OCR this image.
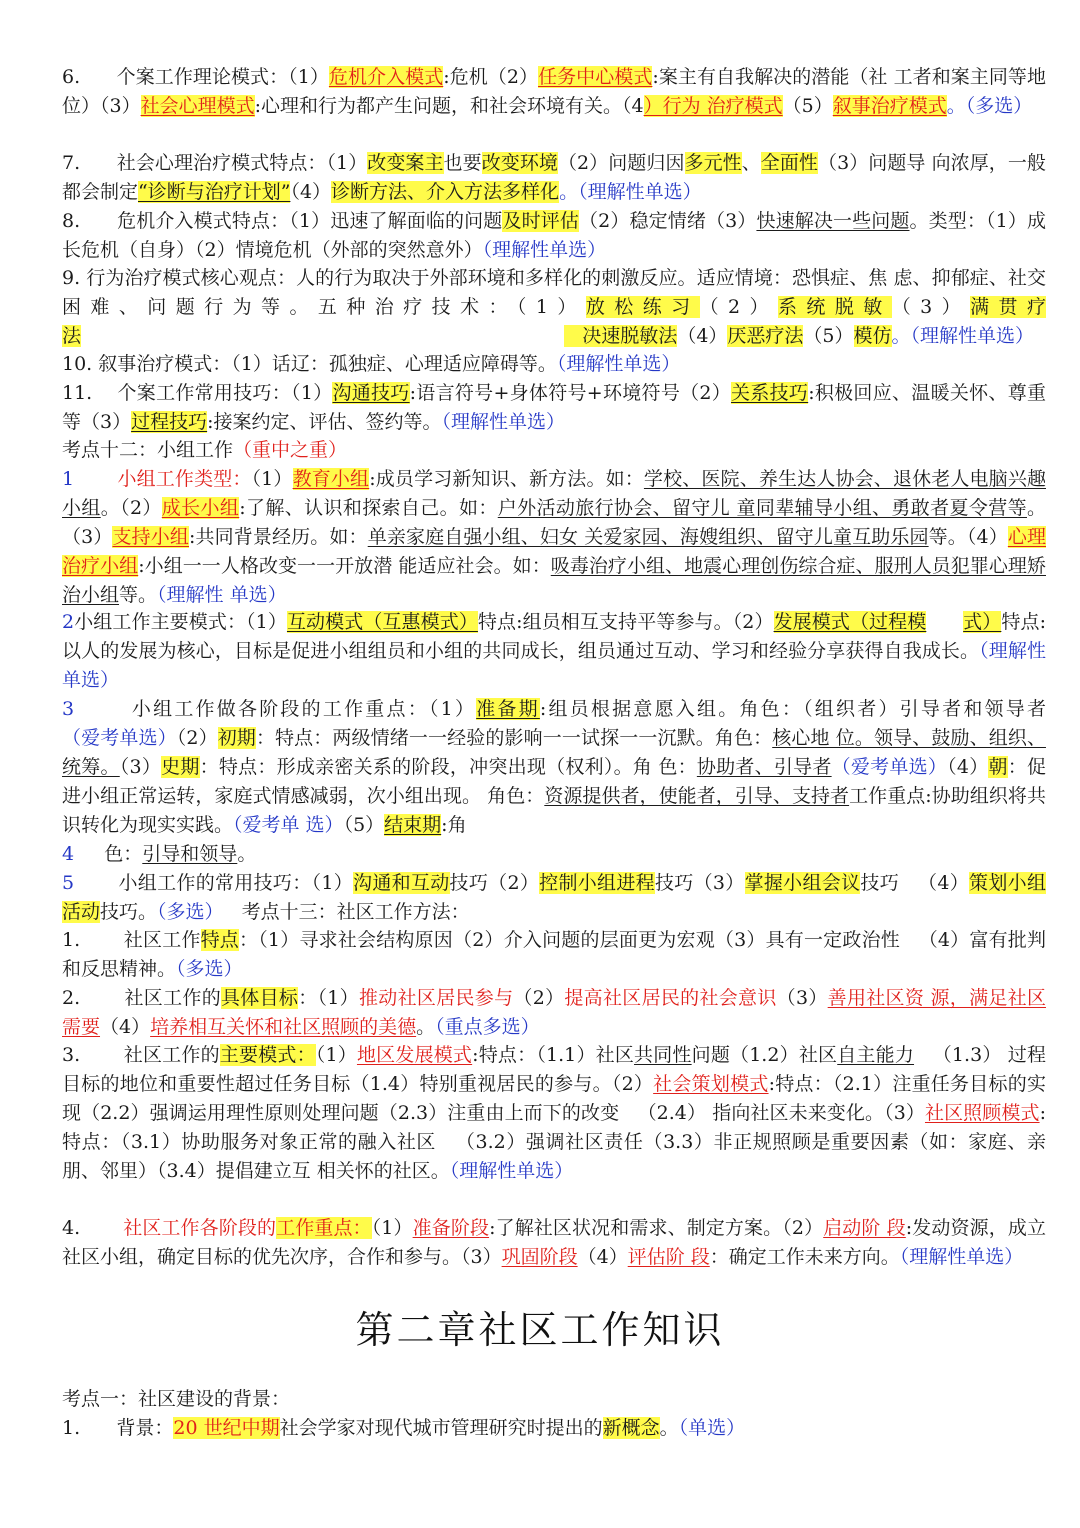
6.      个案工作理论模式：（1）危机介入模式:危机（2）任务中心模式:案主有自我解决的潜能（社 工者和案主同等地位）（3）社会心理模式:心理和行为都产生问题，和社会环境有关。（4）行为 治疗模式（5）叙事治疗模式。（多选）
7.      社会心理治疗模式特点：（1）改变案主也要改变环境（2）问题归因多元性、全面性（3）问题导 向浓厚，一般都会制定“诊断与治疗计划”（4）诊断方法、介入方法多样化。（理解性单选）
8.      危机介入模式特点：（1）迅速了解面临的问题及时评估（2）稳定情绪（3）快速解决一些问题。类型：（1）成长危机（自身）（2）情境危机（外部的突然意外）（理解性单选）
9. 行为治疗模式核心观点：人的行为取决于外部环境和多样化的刺激反应。适应情境：恐惧症、焦 虑、抑郁症、社交困难、问题行为等。五种治疗技术：（1）放松练习（2）系统脱敏（3）满贯疗法	决速脱敏法（4）厌恶疗法（5）模仿。（理解性单选）
10. 叙事治疗模式：（1）话辽：孤独症、心理适应障碍等。（理解性单选）
11.    个案工作常用技巧：（1）沟通技巧:语言符号+身体符号+环境符号（2）关系技巧:积极回应、温暖关怀、尊重等（3）过程技巧:接案约定、评估、签约等。（理解性单选）
考点十二：小组工作（重中之重）
1 小组工作类型：（1）教育小组:成员学习新知识、新方法。如：学校、医院、养生达人协会、退休老人电脑兴趣小组。（2）成长小组:了解、认识和探索自己。如：户外活动旅行协会、留守儿 童同辈辅导小组、勇敢者夏令营等。（3）支持小组:共同背景经历。如：单亲家庭自强小组、妇女 关爱家园、海嫂组织、留守儿童互助乐园等。（4）心理治疗小组:小组一一人格改变一一开放潜 能适应社会。如：吸毒治疗小组、地震心理创伤综合症、服刑人员犯罪心理矫治小组等。（理解性 单选）
2小组工作主要模式：（1）互动模式（互惠模式）特点:组员相互支持平等参与。（2）发展模式（过程模 式）特点:以人的发展为核心，目标是促进小组组员和小组的共同成长，组员通过互动、学习和经验分享获得自我成长。（理解性单选）
3       小组工作做各阶段的工作重点：（1）准备期:组员根据意愿入组。角色：（组织者）引导者和领导者（爱考单选）（2）初期：特点：两级情绪一一经验的影响一一试探一一沉默。角色：核心地 位。领导、鼓励、组织、统筹。（3）史期：特点：形成亲密关系的阶段，冲突出现（权利）。角 色：协助者、引导者（爱考单选）（4）朝：促进小组正常运转，家庭式情感减弱，次小组出现。 角色：资源提供者，使能者，引导、支持者工作重点:协助组织将共识转化为现实实践。（爱考单 选）（5）结束期:角
4     色：引导和领导。
5       小组工作的常用技巧：（1）沟通和互动技巧（2）控制小组进程技巧（3）掌握小组会议技巧   （4）策划小组活动技巧。（多选）   考点十三：社区工作方法：
1.       社区工作特点：（1）寻求社会结构原因（2）介入问题的层面更为宏观（3）具有一定政治性   （4）富有批判和反思精神。（多选）
2.       社区工作的具体目标：（1）推动社区居民参与（2）提高社区居民的社会意识（3）善用社区资 源，满足社区需要（4）培养相互关怀和社区照顾的美德。（重点多选）
3.       社区工作的主要模式：（1）地区发展模式:特点：（1.1）社区共同性问题（1.2）社区自主能力   （1.3） 过程目标的地位和重要性超过任务目标（1.4）特别重视居民的参与。（2）社会策划模式:特点：（2.1）注重任务目标的实现（2.2）强调运用理性原则处理问题（2.3）注重由上而下的改变   （2.4） 指向社区未来变化。（3）社区照顾模式:特点：（3.1）协助服务对象正常的融入社区   （3.2）强调社区责任（3.3）非正规照顾是重要因素（如：家庭、亲朋、邻里）（3.4）提倡建立互 相关怀的社区。（理解性单选）
4.       社区工作各阶段的工作重点：（1）准备阶段:了解社区状况和需求、制定方案。（2）启动阶 段:发动资源，成立社区小组，确定目标的优先次序，合作和参与。（3）巩固阶段（4）评估阶 段：确定工作未来方向。（理解性单选）
第二章社区工作知识
考点一：社区建设的背景：
1.      背景：20 世纪中期社会学家对现代城市管理研究时提出的新概念。（单选）
